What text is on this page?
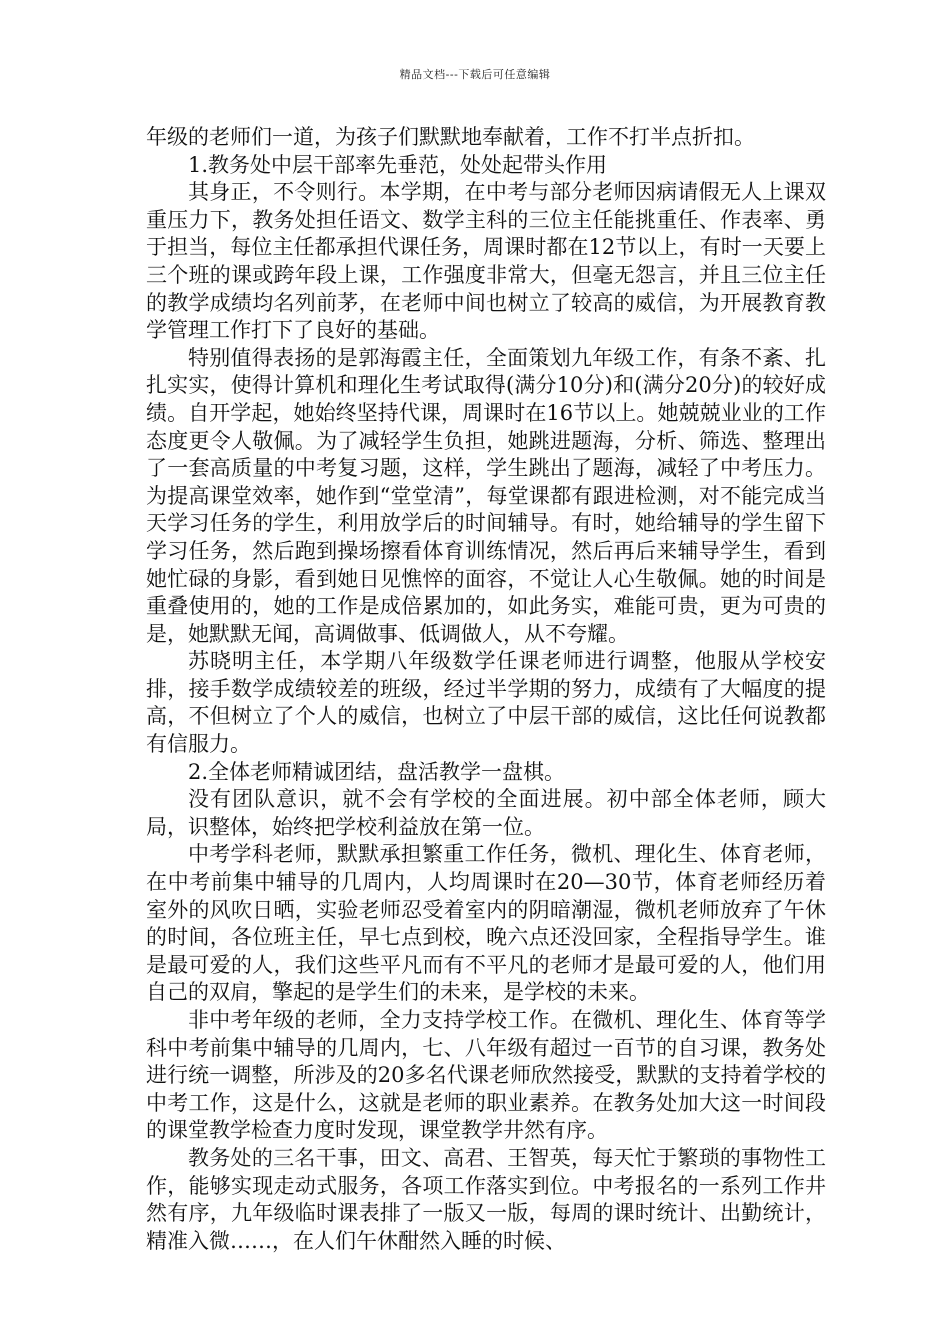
精品文档---下载后可任意编辑

年级的老师们一道，为孩子们默默地奉献着，工作不打半点折扣。

1.教务处中层干部率先垂范，处处起带头作用

其身正，不令则行。本学期，在中考与部分老师因病请假无人上课双重压力下，教务处担任语文、数学主科的三位主任能挑重任、作表率、勇于担当，每位主任都承担代课任务，周课时都在12节以上，有时一天要上三个班的课或跨年段上课，工作强度非常大，但毫无怨言，并且三位主任的教学成绩均名列前茅，在老师中间也树立了较高的威信，为开展教育教学管理工作打下了良好的基础。

特别值得表扬的是郭海霞主任，全面策划九年级工作，有条不紊、扎扎实实，使得计算机和理化生考试取得(满分10分)和(满分20分)的较好成绩。自开学起，她始终坚持代课，周课时在16节以上。她兢兢业业的工作态度更令人敬佩。为了减轻学生负担，她跳进题海，分析、筛选、整理出了一套高质量的中考复习题，这样，学生跳出了题海，减轻了中考压力。为提高课堂效率，她作到“堂堂清”，每堂课都有跟进检测，对不能完成当天学习任务的学生，利用放学后的时间辅导。有时，她给辅导的学生留下学习任务，然后跑到操场擦看体育训练情况，然后再后来辅导学生，看到她忙碌的身影，看到她日见憔悴的面容，不觉让人心生敬佩。她的时间是重叠使用的，她的工作是成倍累加的，如此务实，难能可贵，更为可贵的是，她默默无闻，高调做事、低调做人，从不夸耀。

苏晓明主任，本学期八年级数学任课老师进行调整，他服从学校安排，接手数学成绩较差的班级，经过半学期的努力，成绩有了大幅度的提高，不但树立了个人的威信，也树立了中层干部的威信，这比任何说教都有信服力。

2.全体老师精诚团结，盘活教学一盘棋。

没有团队意识，就不会有学校的全面进展。初中部全体老师，顾大局，识整体，始终把学校利益放在第一位。

中考学科老师，默默承担繁重工作任务，微机、理化生、体育老师，在中考前集中辅导的几周内，人均周课时在20—30节，体育老师经历着室外的风吹日晒，实验老师忍受着室内的阴暗潮湿，微机老师放弃了午休的时间，各位班主任，早七点到校，晚六点还没回家，全程指导学生。谁是最可爱的人，我们这些平凡而有不平凡的老师才是最可爱的人，他们用自己的双肩，擎起的是学生们的未来，是学校的未来。

非中考年级的老师，全力支持学校工作。在微机、理化生、体育等学科中考前集中辅导的几周内，七、八年级有超过一百节的自习课，教务处进行统一调整，所涉及的20多名代课老师欣然接受，默默的支持着学校的中考工作，这是什么，这就是老师的职业素养。在教务处加大这一时间段的课堂教学检查力度时发现，课堂教学井然有序。

教务处的三名干事，田文、高君、王智英，每天忙于繁琐的事物性工作，能够实现走动式服务，各项工作落实到位。中考报名的一系列工作井然有序，九年级临时课表排了一版又一版，每周的课时统计、出勤统计，精准入微……，在人们午休酣然入睡的时候、
